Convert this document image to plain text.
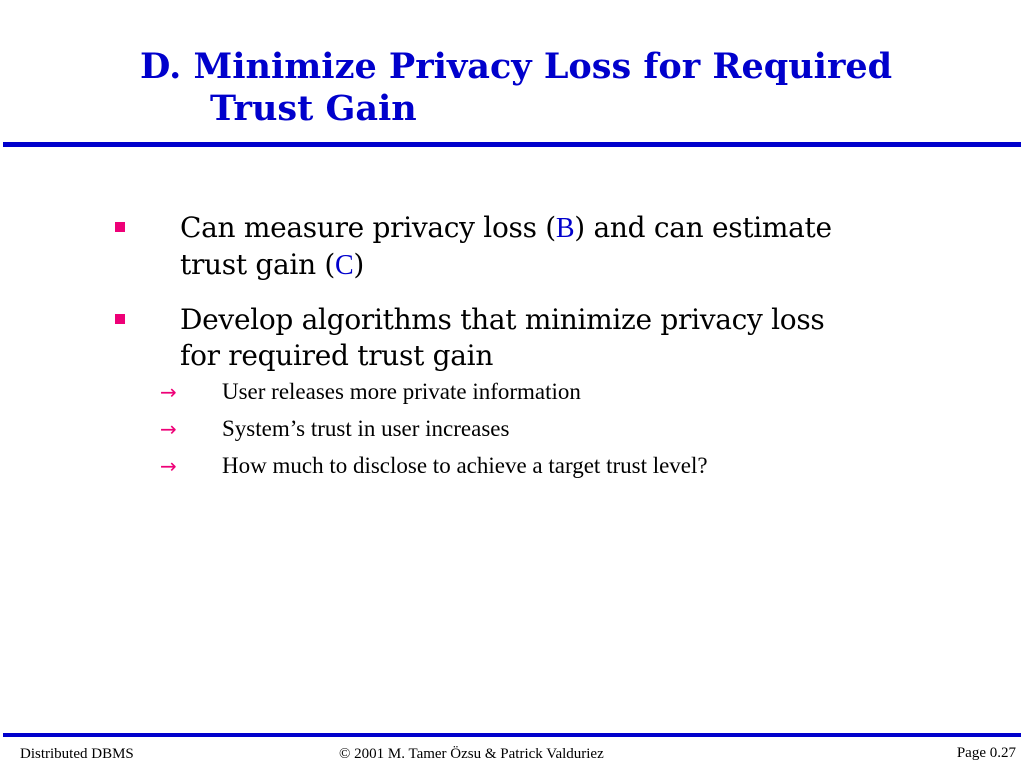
D. Minimize Privacy Loss for Required
Trust Gain
Can measure privacy loss (B) and can estimate trust gain (C)
Develop algorithms that minimize privacy loss for required trust gain
→ User releases more private information
→ System’s trust in user increases
→ How much to disclose to achieve a target trust level?
Distributed DBMS	© 2001 M. Tamer Özsu & Patrick Valduriez	Page 0.27
